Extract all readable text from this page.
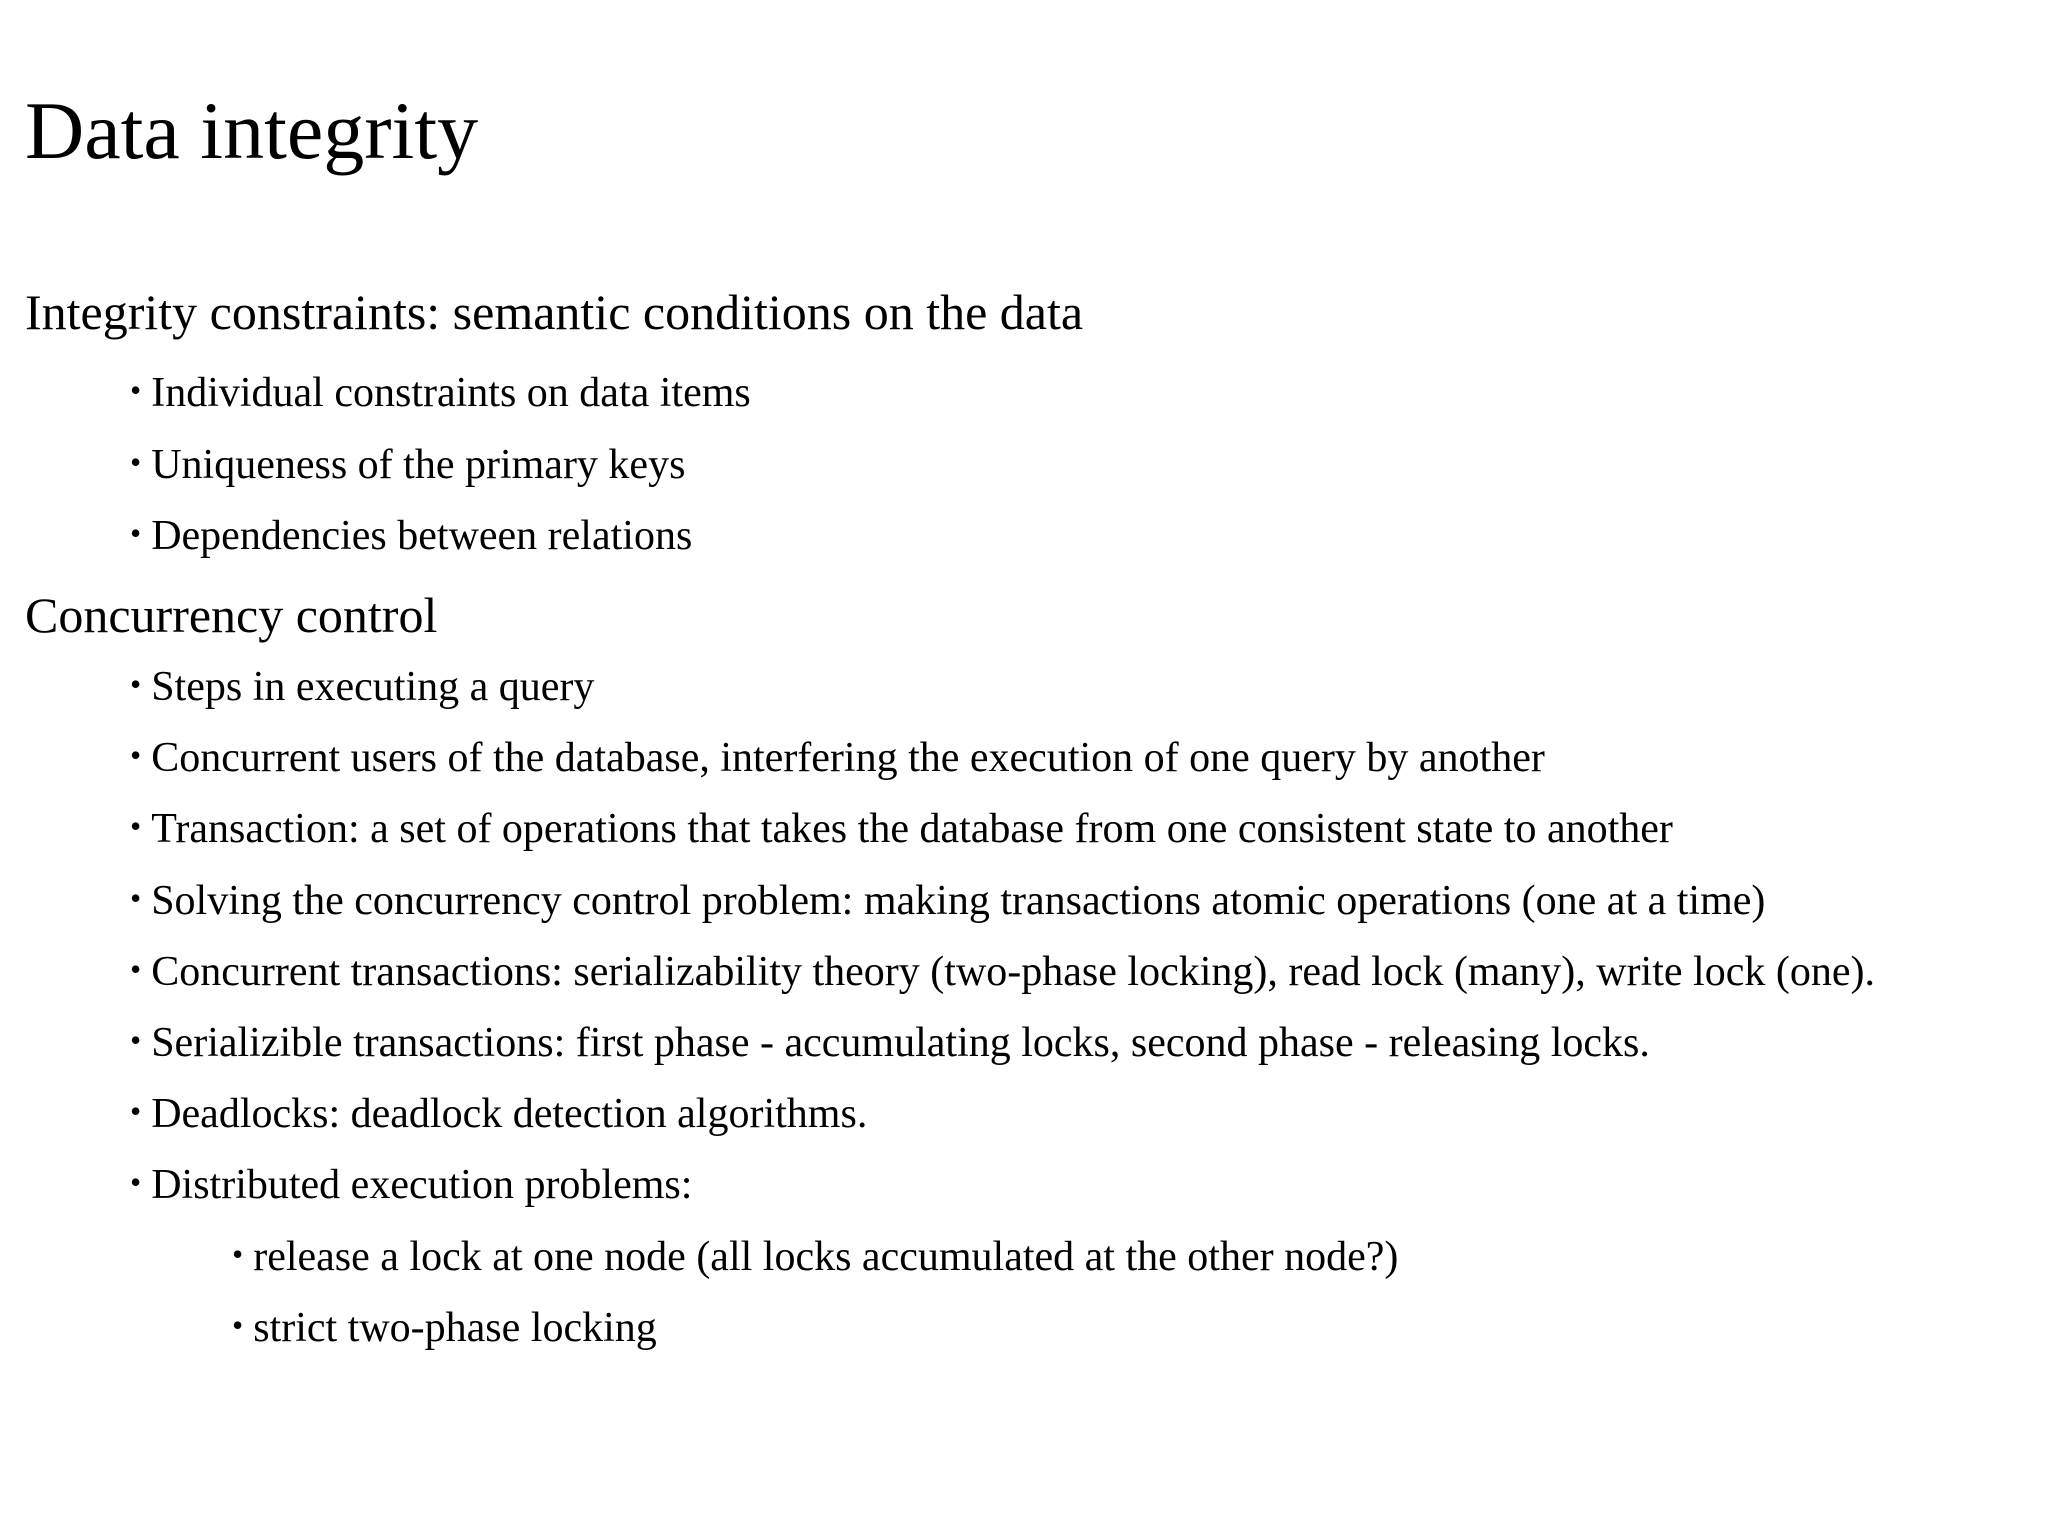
Data integrity
Integrity constraints: semantic conditions on the data
• Individual constraints on data items
• Uniqueness of the primary keys
• Dependencies between relations
Concurrency control
• Steps in executing a query
• Concurrent users of the database, interfering the execution of one query by another
• Transaction: a set of operations that takes the database from one consistent state to another
• Solving the concurrency control problem: making transactions atomic operations (one at a time)
• Concurrent transactions: serializability theory (two-phase locking), read lock (many), write lock (one).
• Serializible transactions: first phase - accumulating locks, second phase - releasing locks.
• Deadlocks: deadlock detection algorithms.
• Distributed execution problems:
• release a lock at one node (all locks accumulated at the other node?)
• strict two-phase locking
